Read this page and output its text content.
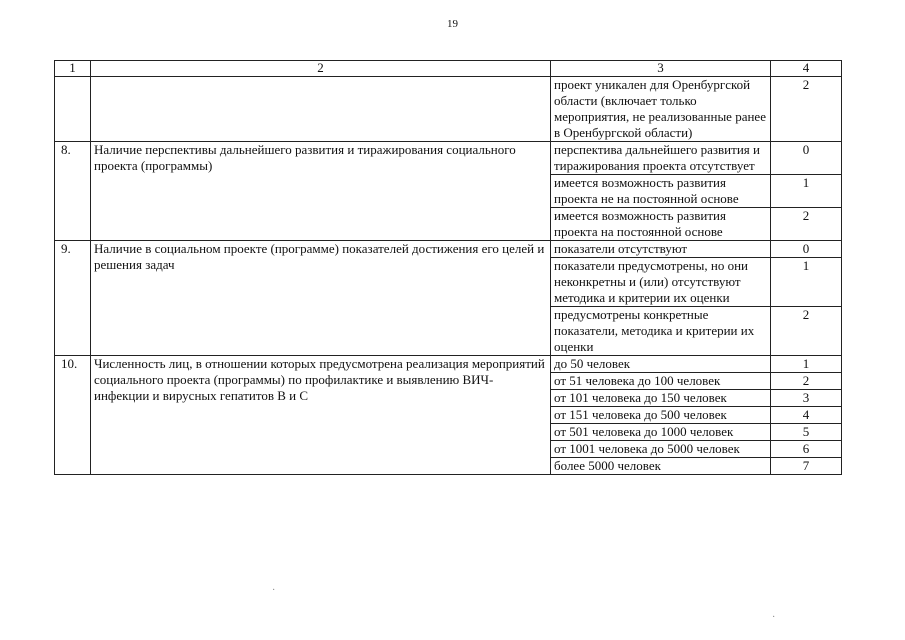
19
1	2	3	4
		проект уникален для Оренбургской области (включает только мероприятия, не реализованные ранее в Оренбургской области)	2
8.	Наличие перспективы дальнейшего развития и тиражирования социального проекта (программы)	перспектива дальнейшего развития и тиражирования проекта отсутствует	0
		имеется возможность развития проекта не на постоянной основе	1
		имеется возможность развития проекта на постоянной основе	2
9.	Наличие в социальном проекте (программе) показателей достижения его целей и решения задач	показатели отсутствуют	0
		показатели предусмотрены, но они неконкретны и (или) отсутствуют методика и критерии их оценки	1
		предусмотрены конкретные показатели, методика и критерии их оценки	2
10.	Численность лиц, в отношении которых предусмотрена реализация мероприятий социального проекта (программы) по профилактике и выявлению ВИЧ-инфекции и вирусных гепатитов В и С	до 50 человек	1
		от 51 человека до 100 человек	2
		от 101 человека до 150 человек	3
		от 151 человека до 500 человек	4
		от 501 человека до 1000 человек	5
		от 1001 человека до 5000 человек	6
		более 5000 человек	7
·
·
